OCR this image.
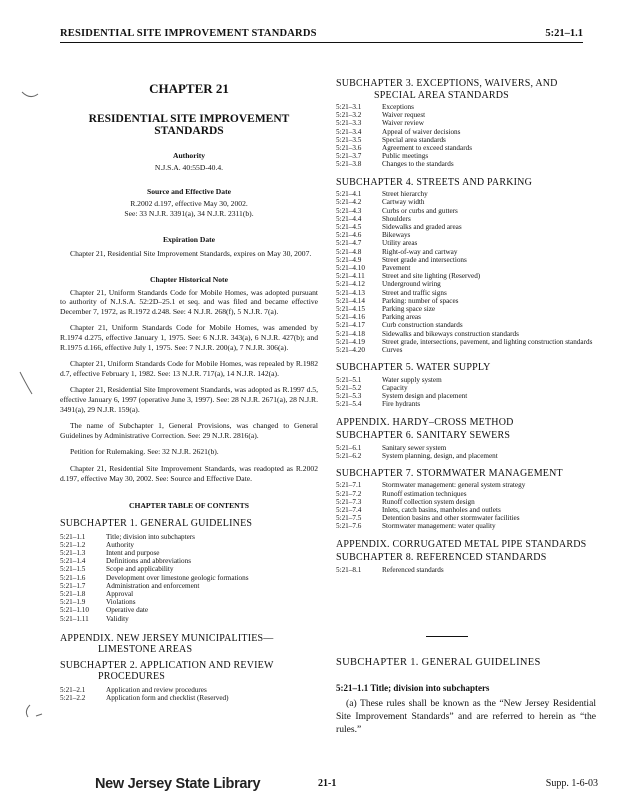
RESIDENTIAL SITE IMPROVEMENT STANDARDS	5:21–1.1
CHAPTER 21
RESIDENTIAL SITE IMPROVEMENT STANDARDS
Authority
N.J.S.A. 40:55D-40.4.
Source and Effective Date
R.2002 d.197, effective May 30, 2002.
See: 33 N.J.R. 3391(a), 34 N.J.R. 2311(b).
Expiration Date

Chapter 21, Residential Site Improvement Standards, expires on May 30, 2007.

Chapter Historical Note

Chapter 21, Uniform Standards Code for Mobile Homes, was adopted pursuant to authority of N.J.S.A. 52:2D–25.1 et seq. and was filed and became effective December 7, 1972, as R.1972 d.248. See: 4 N.J.R. 268(f), 5 N.J.R. 7(a).

Chapter 21, Uniform Standards Code for Mobile Homes, was amended by R.1974 d.275, effective January 1, 1975. See: 6 N.J.R. 343(a), 6 N.J.R. 427(b); and R.1975 d.166, effective July 1, 1975. See: 7 N.J.R. 200(a), 7 N.J.R. 306(a).

Chapter 21, Uniform Standards Code for Mobile Homes, was repealed by R.1982 d.7, effective February 1, 1982. See: 13 N.J.R. 717(a), 14 N.J.R. 142(a).

Chapter 21, Residential Site Improvement Standards, was adopted as R.1997 d.5, effective January 6, 1997 (operative June 3, 1997). See: 28 N.J.R. 2671(a), 28 N.J.R. 3491(a), 29 N.J.R. 159(a).

The name of Subchapter 1, General Provisions, was changed to General Guidelines by Administrative Correction. See: 29 N.J.R. 2816(a).

Petition for Rulemaking. See: 32 N.J.R. 2621(b).

Chapter 21, Residential Site Improvement Standards, was readopted as R.2002 d.197, effective May 30, 2002. See: Source and Effective Date.

CHAPTER TABLE OF CONTENTS
SUBCHAPTER 1. GENERAL GUIDELINES
5:21–1.1	Title; division into subchapters
5:21–1.2	Authority
5:21–1.3	Intent and purpose
5:21–1.4	Definitions and abbreviations
5:21–1.5	Scope and applicability
5:21–1.6	Development over limestone geologic formations
5:21–1.7	Administration and enforcement
5:21–1.8	Approval
5:21–1.9	Violations
5:21–1.10	Operative date
5:21–1.11	Validity
APPENDIX. NEW JERSEY MUNICIPALITIES—
LIMESTONE AREAS
SUBCHAPTER 2. APPLICATION AND REVIEW
PROCEDURES
5:21–2.1	Application and review procedures
5:21–2.2	Application form and checklist (Reserved)
SUBCHAPTER 3. EXCEPTIONS, WAIVERS, AND
SPECIAL AREA STANDARDS
5:21–3.1	Exceptions
5:21–3.2	Waiver request
5:21–3.3	Waiver review
5:21–3.4	Appeal of waiver decisions
5:21–3.5	Special area standards
5:21–3.6	Agreement to exceed standards
5:21–3.7	Public meetings
5:21–3.8	Changes to the standards
SUBCHAPTER 4. STREETS AND PARKING
5:21–4.1	Street hierarchy
5:21–4.2	Cartway width
5:21–4.3	Curbs or curbs and gutters
5:21–4.4	Shoulders
5:21–4.5	Sidewalks and graded areas
5:21–4.6	Bikeways
5:21–4.7	Utility areas
5:21–4.8	Right-of-way and cartway
5:21–4.9	Street grade and intersections
5:21–4.10	Pavement
5:21–4.11	Street and site lighting (Reserved)
5:21–4.12	Underground wiring
5:21–4.13	Street and traffic signs
5:21–4.14	Parking: number of spaces
5:21–4.15	Parking space size
5:21–4.16	Parking areas
5:21–4.17	Curb construction standards
5:21–4.18	Sidewalks and bikeways construction standards
5:21–4.19	Street grade, intersections, pavement, and lighting construction standards
5:21–4.20	Curves
SUBCHAPTER 5. WATER SUPPLY
5:21–5.1	Water supply system
5:21–5.2	Capacity
5:21–5.3	System design and placement
5:21–5.4	Fire hydrants
APPENDIX. HARDY–CROSS METHOD
SUBCHAPTER 6. SANITARY SEWERS
5:21–6.1	Sanitary sewer system
5:21–6.2	System planning, design, and placement
SUBCHAPTER 7. STORMWATER MANAGEMENT
5:21–7.1	Stormwater management: general system strategy
5:21–7.2	Runoff estimation techniques
5:21–7.3	Runoff collection system design
5:21–7.4	Inlets, catch basins, manholes and outlets
5:21–7.5	Detention basins and other stormwater facilities
5:21–7.6	Stormwater management: water quality
APPENDIX. CORRUGATED METAL PIPE STANDARDS
SUBCHAPTER 8. REFERENCED STANDARDS
5:21–8.1	Referenced standards
SUBCHAPTER 1. GENERAL GUIDELINES
5:21–1.1 Title; division into subchapters
(a) These rules shall be known as the “New Jersey Residential Site Improvement Standards” and are referred to herein as “the rules.”
New Jersey State Library	21-1	Supp. 1-6-03
